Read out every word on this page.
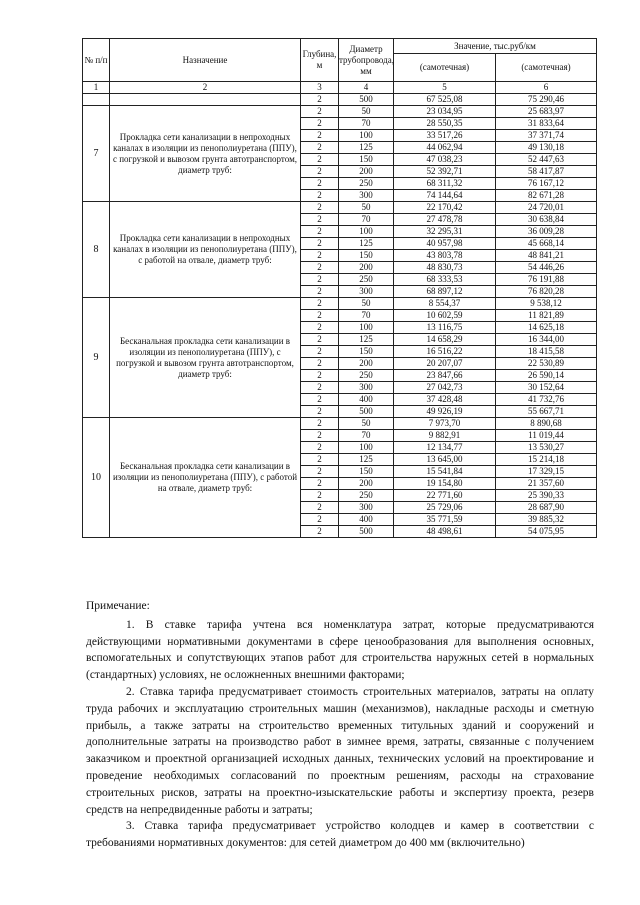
№ п/п	Назначение	Глубина, м	Диаметр трубопровода, мм	Значение, тыс.руб/км	
				(самотечная)	(самотечная)
1	2	3	4	5	6
		2	500	67 525,08	75 290,46
7	Прокладка сети канализации в непроходных каналах в изоляции из пенополиуретана (ППУ), с погрузкой и вывозом грунта автотранспортом, диаметр труб:	2	50	23 034,95	25 683,97
		2	70	28 550,35	31 833,64
		2	100	33 517,26	37 371,74
		2	125	44 062,94	49 130,18
		2	150	47 038,23	52 447,63
		2	200	52 392,71	58 417,87
		2	250	68 311,32	76 167,12
		2	300	74 144,64	82 671,28
8	Прокладка сети канализации в непроходных каналах в изоляции из пенополиуретана (ППУ), с работой на отвале, диаметр труб:	2	50	22 170,42	24 720,01
		2	70	27 478,78	30 638,84
		2	100	32 295,31	36 009,28
		2	125	40 957,98	45 668,14
		2	150	43 803,78	48 841,21
		2	200	48 830,73	54 446,26
		2	250	68 333,53	76 191,88
		2	300	68 897,12	76 820,28
9	Бесканальная прокладка сети канализации в изоляции из пенополиуретана (ППУ), с погрузкой и вывозом грунта автотранспортом, диаметр труб:	2	50	8 554,37	9 538,12
		2	70	10 602,59	11 821,89
		2	100	13 116,75	14 625,18
		2	125	14 658,29	16 344,00
		2	150	16 516,22	18 415,58
		2	200	20 207,07	22 530,89
		2	250	23 847,66	26 590,14
		2	300	27 042,73	30 152,64
		2	400	37 428,48	41 732,76
		2	500	49 926,19	55 667,71
10	Бесканальная прокладка сети канализации в изоляции из пенополиуретана (ППУ), с работой на отвале, диаметр труб:	2	50	7 973,70	8 890,68
		2	70	9 882,91	11 019,44
		2	100	12 134,77	13 530,27
		2	125	13 645,00	15 214,18
		2	150	15 541,84	17 329,15
		2	200	19 154,80	21 357,60
		2	250	22 771,60	25 390,33
		2	300	25 729,06	28 687,90
		2	400	35 771,59	39 885,32
		2	500	48 498,61	54 075,95

Примечание:

1. В ставке тарифа учтена вся номенклатура затрат, которые предусматриваются действующими нормативными документами в сфере ценообразования для выполнения основных, вспомогательных и сопутствующих этапов работ для строительства наружных сетей в нормальных (стандартных) условиях, не осложненных внешними факторами;

2. Ставка тарифа предусматривает стоимость строительных материалов, затраты на оплату труда рабочих и эксплуатацию строительных машин (механизмов), накладные расходы и сметную прибыль, а также затраты на строительство временных титульных зданий и сооружений и дополнительные затраты на производство работ в зимнее время, затраты, связанные с получением заказчиком и проектной организацией исходных данных, технических условий на проектирование и проведение необходимых согласований по проектным решениям, расходы на страхование строительных рисков, затраты на проектно-изыскательские работы и экспертизу проекта, резерв средств на непредвиденные работы и затраты;

3. Ставка тарифа предусматривает устройство колодцев и камер в соответствии с требованиями нормативных документов: для сетей диаметром до 400 мм (включительно)
